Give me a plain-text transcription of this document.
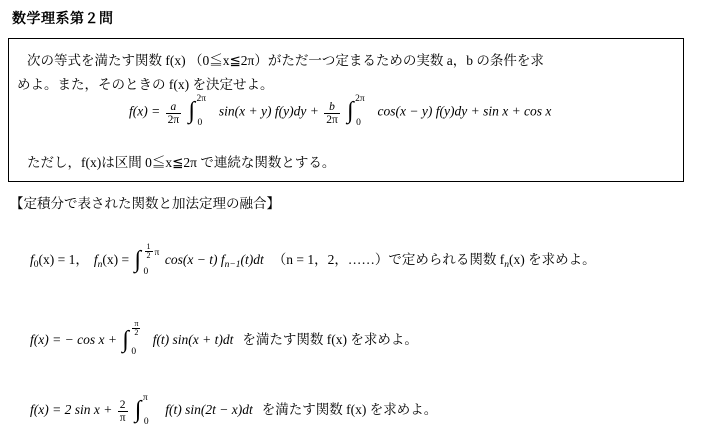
数学理系第２問
次の等式を満たす関数 f(x) （0≦x≦2π）がただ一つ定まるための実数 a，b の条件を求
めよ。また，そのときの f(x) を決定せよ。
$f(x) = \frac{a}{2\pi}$
∫ 2π
0
sin(x + y) $f(y)dy + \frac{b}{2\pi}$
∫ 2π
0
cos(x − y) f(y)dy + sin x + cos x
ただし，f(x)は区間 0≦x≦2π で連続な関数とする。
【定積分で表された関数と加法定理の融合】
$f_0(x) = 1$， $f_n(x)$ = ∫ $\frac{1}{2}$ π
0
cos(x − t) $f_{n-1}(t)dt$ （n = 1，2，……）で定められる関数 $f_n(x)$ を求めよ。
f(x) = − cos x + ∫ $\frac{\pi}{2}$
0
f(t) sin(x + t)dt を満たす関数 f(x) を求めよ。
f(x) = 2 $\sin x + \frac{2}{\pi}$
∫ π
0
f(t) sin(2t − x)dt を満たす関数 f(x) を求めよ。
